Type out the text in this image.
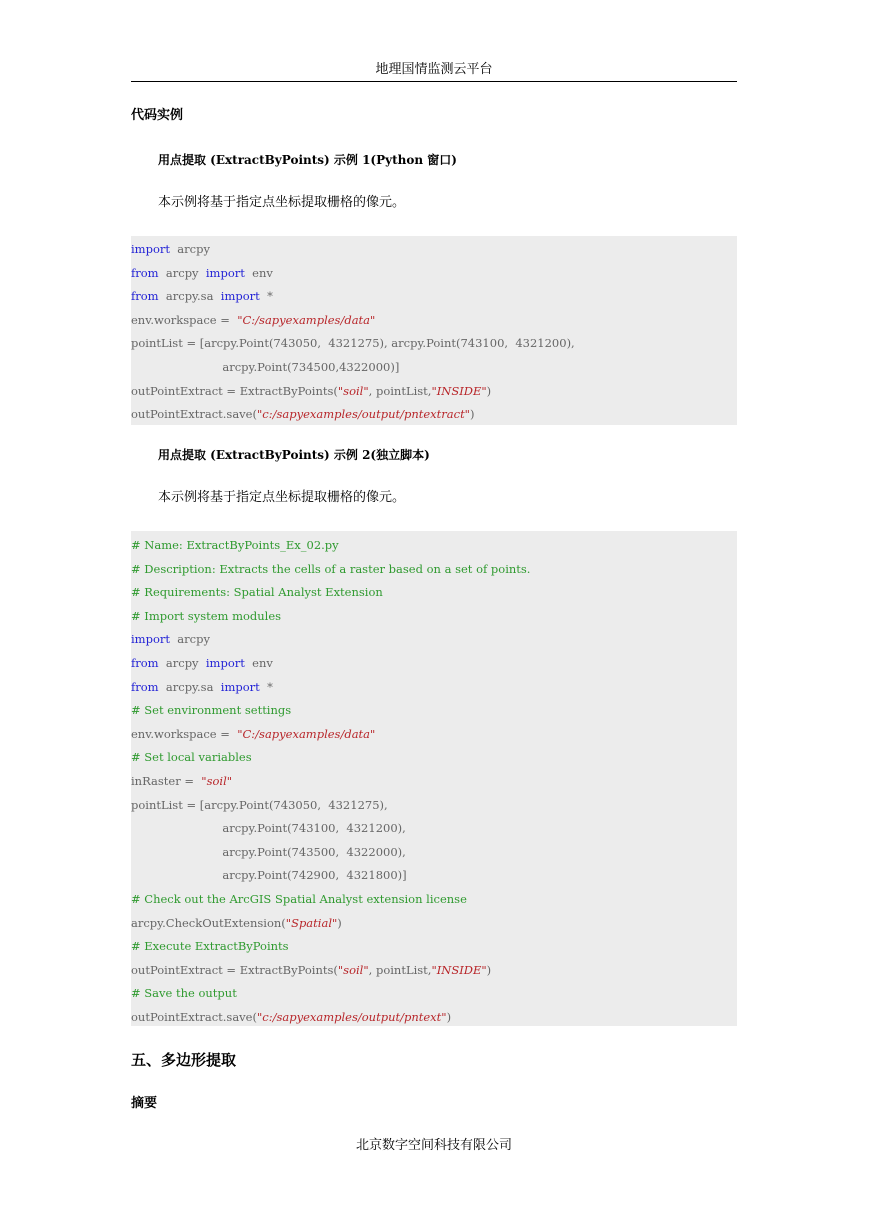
地理国情监测云平台
代码实例
用点提取 (ExtractByPoints) 示例 1(Python 窗口)
本示例将基于指定点坐标提取栅格的像元。
import  arcpy
from  arcpy  import  env
from  arcpy.sa  import  *
env.workspace =  "C:/sapyexamples/data"
pointList = [arcpy.Point(743050,  4321275), arcpy.Point(743100,  4321200),
arcpy.Point(734500,4322000)]
outPointExtract = ExtractByPoints("soil", pointList,"INSIDE")
outPointExtract.save("c:/sapyexamples/output/pntextract")
用点提取 (ExtractByPoints) 示例 2(独立脚本)
本示例将基于指定点坐标提取栅格的像元。
# Name: ExtractByPoints_Ex_02.py
# Description: Extracts the cells of a raster based on a set of points.
# Requirements: Spatial Analyst Extension
# Import system modules
import  arcpy
from  arcpy  import  env
from  arcpy.sa  import  *
# Set environment settings
env.workspace =  "C:/sapyexamples/data"
# Set local variables
inRaster =  "soil"
pointList = [arcpy.Point(743050,  4321275),
arcpy.Point(743100,  4321200),
arcpy.Point(743500,  4322000),
arcpy.Point(742900,  4321800)]
# Check out the ArcGIS Spatial Analyst extension license
arcpy.CheckOutExtension("Spatial")
# Execute ExtractByPoints
outPointExtract = ExtractByPoints("soil", pointList,"INSIDE")
# Save the output
outPointExtract.save("c:/sapyexamples/output/pntext")
五、多边形提取
摘要
北京数字空间科技有限公司
